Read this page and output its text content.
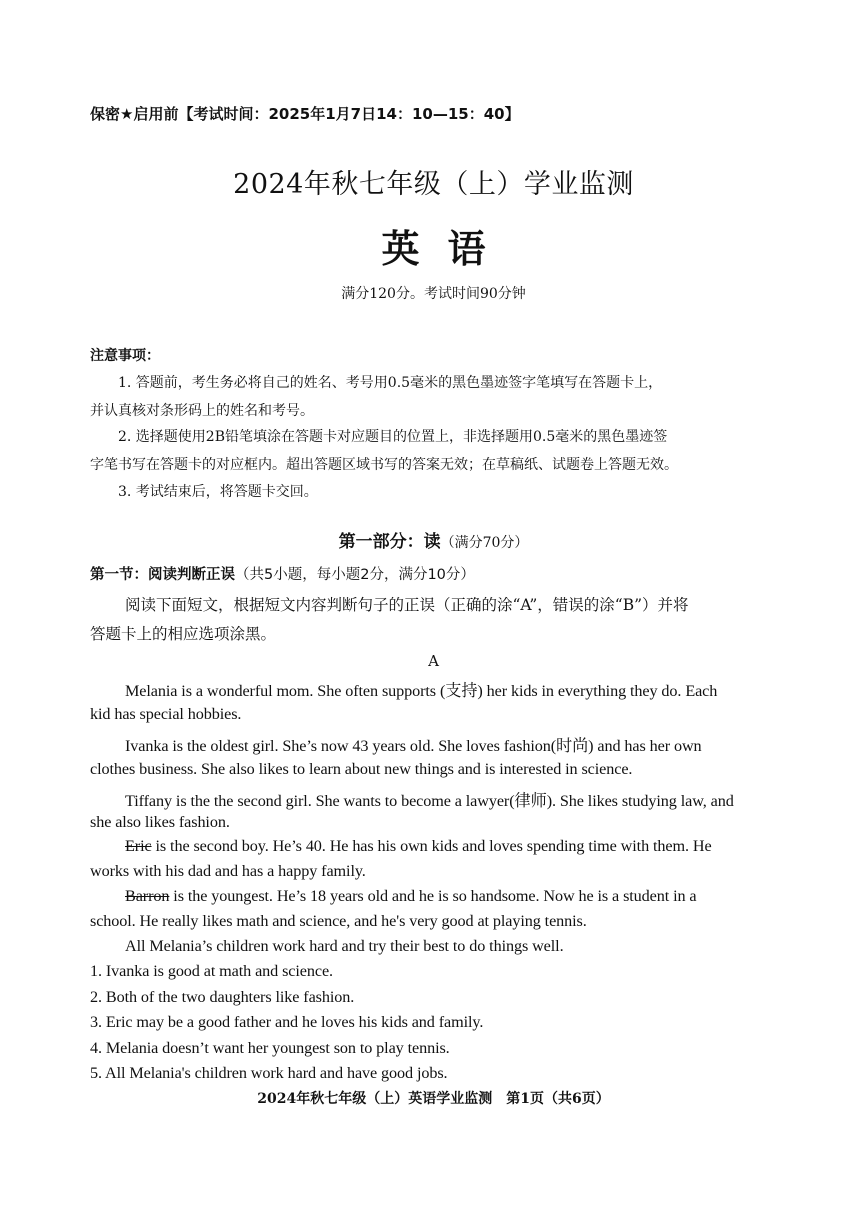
保密★启用前【考试时间：2025年1月7日14：10—15：40】
2024年秋七年级（上）学业监测
英语
满分120分。考试时间90分钟
注意事项：
1. 答题前，考生务必将自己的姓名、考号用0.5毫米的黑色墨迹签字笔填写在答题卡上，
并认真核对条形码上的姓名和考号。
2. 选择题使用2B铅笔填涂在答题卡对应题目的位置上，非选择题用0.5毫米的黑色墨迹签
字笔书写在答题卡的对应框内。超出答题区域书写的答案无效；在草稿纸、试题卷上答题无效。
3. 考试结束后，将答题卡交回。
第一部分：读（满分70分）
第一节：阅读判断正误（共5小题，每小题2分，满分10分）
阅读下面短文，根据短文内容判断句子的正误（正确的涂“A”，错误的涂“B”）并将
答题卡上的相应选项涂黑。
A
Melania is a wonderful mom. She often supports (支持) her kids in everything they do. Each
kid has special hobbies.
Ivanka is the oldest girl. She’s now 43 years old. She loves fashion(时尚) and has her own
clothes business. She also likes to learn about new things and is interested in science.
Tiffany is the the second girl. She wants to become a lawyer(律师). She likes studying law, and
she also likes fashion.
Eric is the second boy. He’s 40. He has his own kids and loves spending time with them. He
works with his dad and has a happy family.
Barron is the youngest. He’s 18 years old and he is so handsome. Now he is a student in a
school. He really likes math and science, and he's very good at playing tennis.
All Melania’s children work hard and try their best to do things well.
1. Ivanka is good at math and science.
2. Both of the two daughters like fashion.
3. Eric may be a good father and he loves his kids and family.
4. Melania doesn’t want her youngest son to play tennis.
5. All Melania's children work hard and have good jobs.
2024年秋七年级（上）英语学业监测　第1页（共6页）
